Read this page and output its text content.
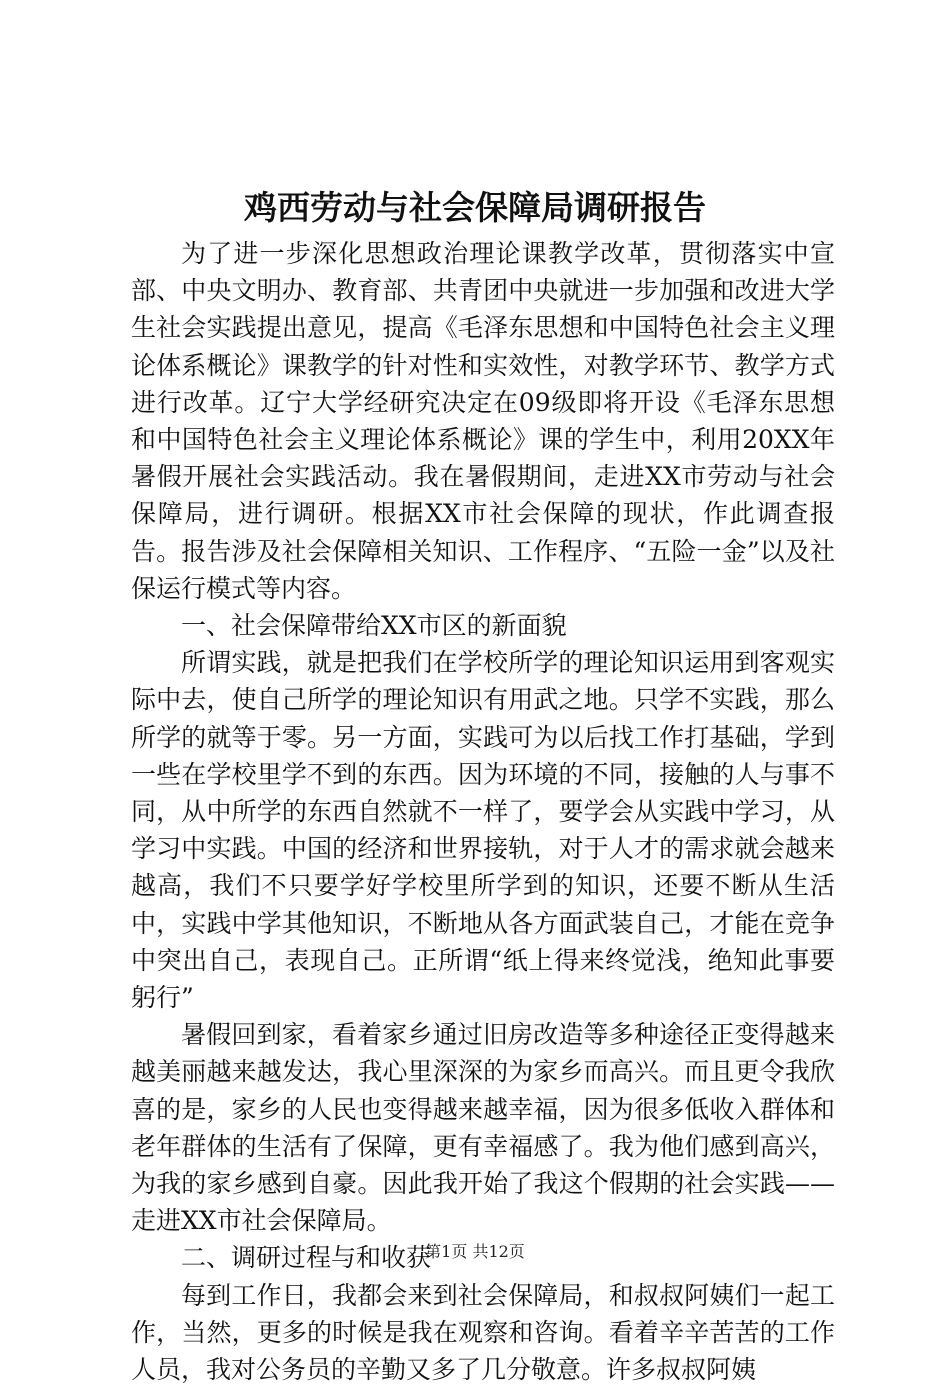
鸡西劳动与社会保障局调研报告

为了进一步深化思想政治理论课教学改革，贯彻落实中宣部、中央文明办、教育部、共青团中央就进一步加强和改进大学生社会实践提出意见，提高《毛泽东思想和中国特色社会主义理论体系概论》课教学的针对性和实效性，对教学环节、教学方式进行改革。辽宁大学经研究决定在09级即将开设《毛泽东思想和中国特色社会主义理论体系概论》课的学生中，利用20XX年暑假开展社会实践活动。我在暑假期间，走进XX市劳动与社会保障局，进行调研。根据XX市社会保障的现状，作此调查报告。报告涉及社会保障相关知识、工作程序、“五险一金”以及社保运行模式等内容。

一、社会保障带给XX市区的新面貌

所谓实践，就是把我们在学校所学的理论知识运用到客观实际中去，使自己所学的理论知识有用武之地。只学不实践，那么所学的就等于零。另一方面，实践可为以后找工作打基础，学到一些在学校里学不到的东西。因为环境的不同，接触的人与事不同，从中所学的东西自然就不一样了，要学会从实践中学习，从学习中实践。中国的经济和世界接轨，对于人才的需求就会越来越高，我们不只要学好学校里所学到的知识，还要不断从生活中，实践中学其他知识，不断地从各方面武装自己，才能在竞争中突出自己，表现自己。正所谓“纸上得来终觉浅，绝知此事要躬行”

暑假回到家，看着家乡通过旧房改造等多种途径正变得越来越美丽越来越发达，我心里深深的为家乡而高兴。而且更令我欣喜的是，家乡的人民也变得越来越幸福，因为很多低收入群体和老年群体的生活有了保障，更有幸福感了。我为他们感到高兴，为我的家乡感到自豪。因此我开始了我这个假期的社会实践——走进XX市社会保障局。

二、调研过程与和收获

每到工作日，我都会来到社会保障局，和叔叔阿姨们一起工作，当然，更多的时候是我在观察和咨询。看着辛辛苦苦的工作人员，我对公务员的辛勤又多了几分敬意。许多叔叔阿姨

第1页 共12页
